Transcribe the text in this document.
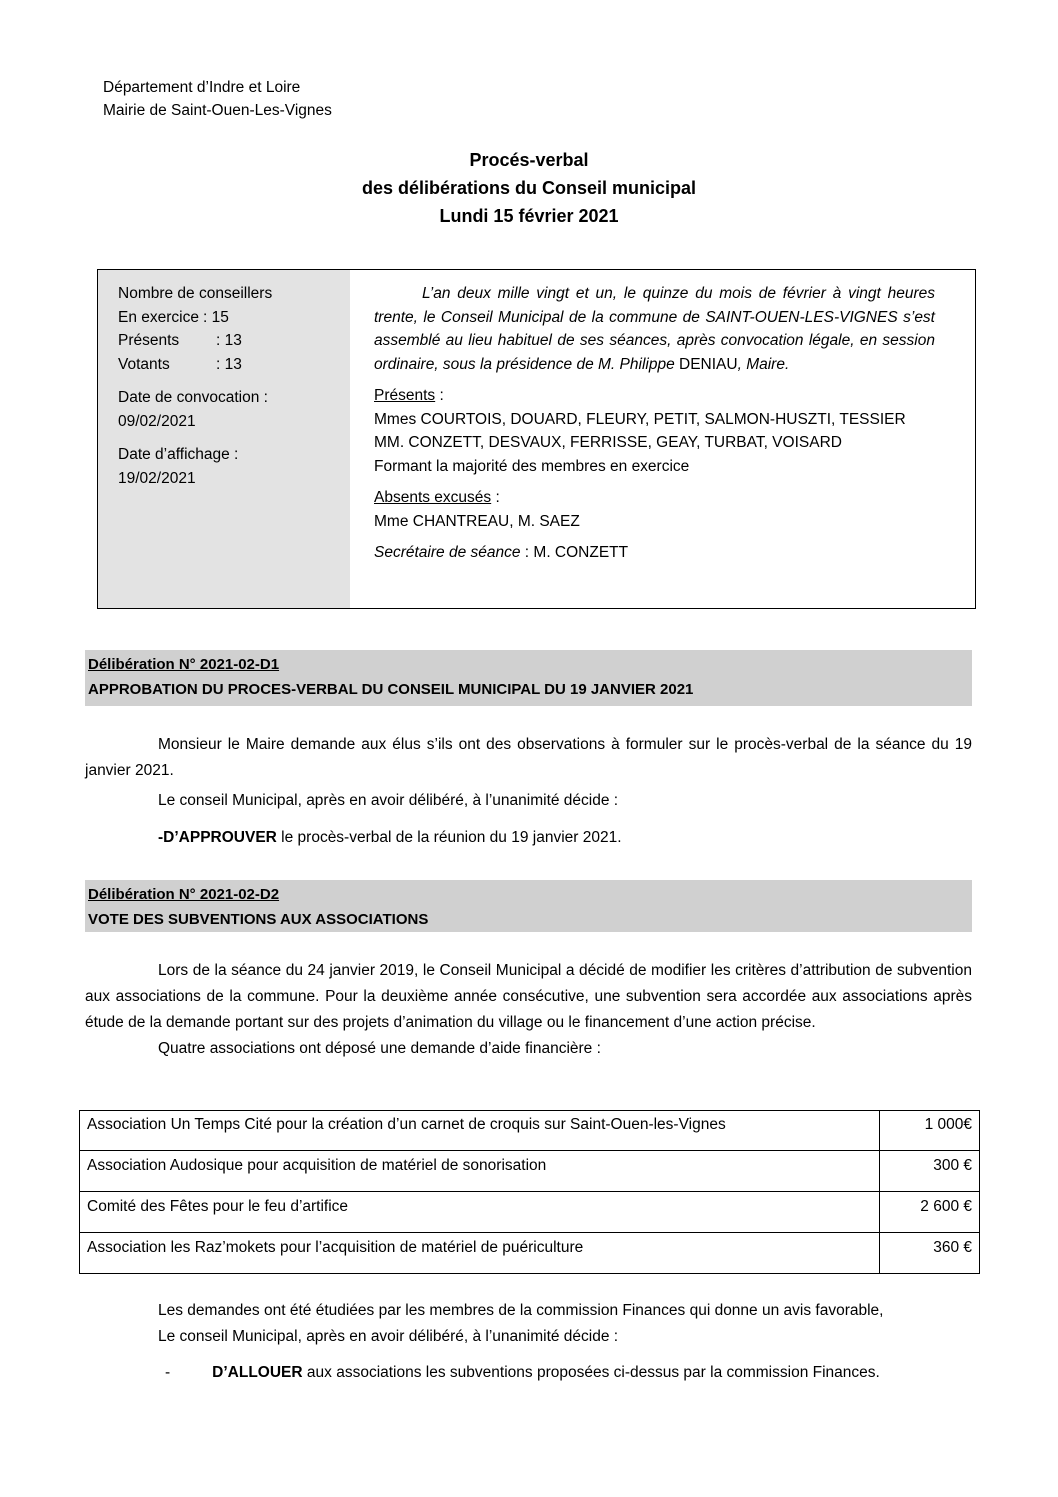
Département d’Indre et Loire
Mairie de Saint-Ouen-Les-Vignes
Procés-verbal
des délibérations du Conseil municipal
Lundi 15 février 2021
Nombre de conseillers
En exercice : 15
Présents	: 13
Votants	: 13
Date de convocation :
09/02/2021
Date d’affichage :
19/02/2021

L’an deux mille vingt et un, le quinze du mois de février à vingt heures trente, le Conseil Municipal de la commune de SAINT-OUEN-LES-VIGNES s’est assemblé au lieu habituel de ses séances, après convocation légale, en session ordinaire, sous la présidence de M. Philippe DENIAU, Maire.

Présents :
Mmes COURTOIS, DOUARD, FLEURY, PETIT, SALMON-HUSZTI, TESSIER
MM. CONZETT, DESVAUX, FERRISSE, GEAY, TURBAT, VOISARD
Formant la majorité des membres en exercice
Absents excusés :
Mme CHANTREAU, M. SAEZ
Secrétaire de séance : M. CONZETT
Délibération N° 2021-02-D1
APPROBATION DU PROCES-VERBAL DU CONSEIL MUNICIPAL DU 19 JANVIER 2021

Monsieur le Maire demande aux élus s’ils ont des observations à formuler sur le procès-verbal de la séance du 19 janvier 2021.

Le conseil Municipal, après en avoir délibéré, à l’unanimité décide :

-D’APPROUVER le procès-verbal de la réunion du 19 janvier 2021.

Délibération N° 2021-02-D2
VOTE DES SUBVENTIONS AUX ASSOCIATIONS

Lors de la séance du 24 janvier 2019, le Conseil Municipal a décidé de modifier les critères d’attribution de subvention aux associations de la commune. Pour la deuxième année consécutive, une subvention sera accordée aux associations après étude de la demande portant sur des projets d’animation du village ou le financement d’une action précise.

Quatre associations ont déposé une demande d’aide financière :

Association Un Temps Cité pour la création d’un carnet de croquis sur Saint-Ouen-les-Vignes	1 000€
Association Audosique pour acquisition de matériel de sonorisation	300 €
Comité des Fêtes pour le feu d’artifice	2 600 €
Association les Raz’mokets pour l’acquisition de matériel de puériculture	360 €

Les demandes ont été étudiées par les membres de la commission Finances qui donne un avis favorable,

Le conseil Municipal, après en avoir délibéré, à l’unanimité décide :

-	D’ALLOUER aux associations les subventions proposées ci-dessus par la commission Finances.
